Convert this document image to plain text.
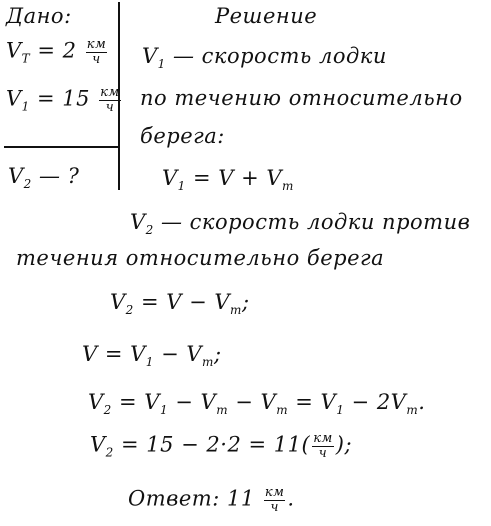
Дано:
$V_T = 2 \frac{км}{ч}$
$V_1 = 15 \frac{км}{ч}$
$V_2$ — ?
Решение
$V_1$ — скорость лодки
по течению относительно
берега:
$V_1 = V + V_т$
$V_2$ — скорость лодки против
течения относительно берега
$V_2 = V - V_т$;
$V = V_1 - V_т$;
$V_2 = V_1 - V_т - V_т = V_1 - 2V_т$.
$V_2 = 15 - 2\cdot 2 = 11( \frac{км}{ч}$ );
Ответ: $11 \frac{км}{ч}$ .
